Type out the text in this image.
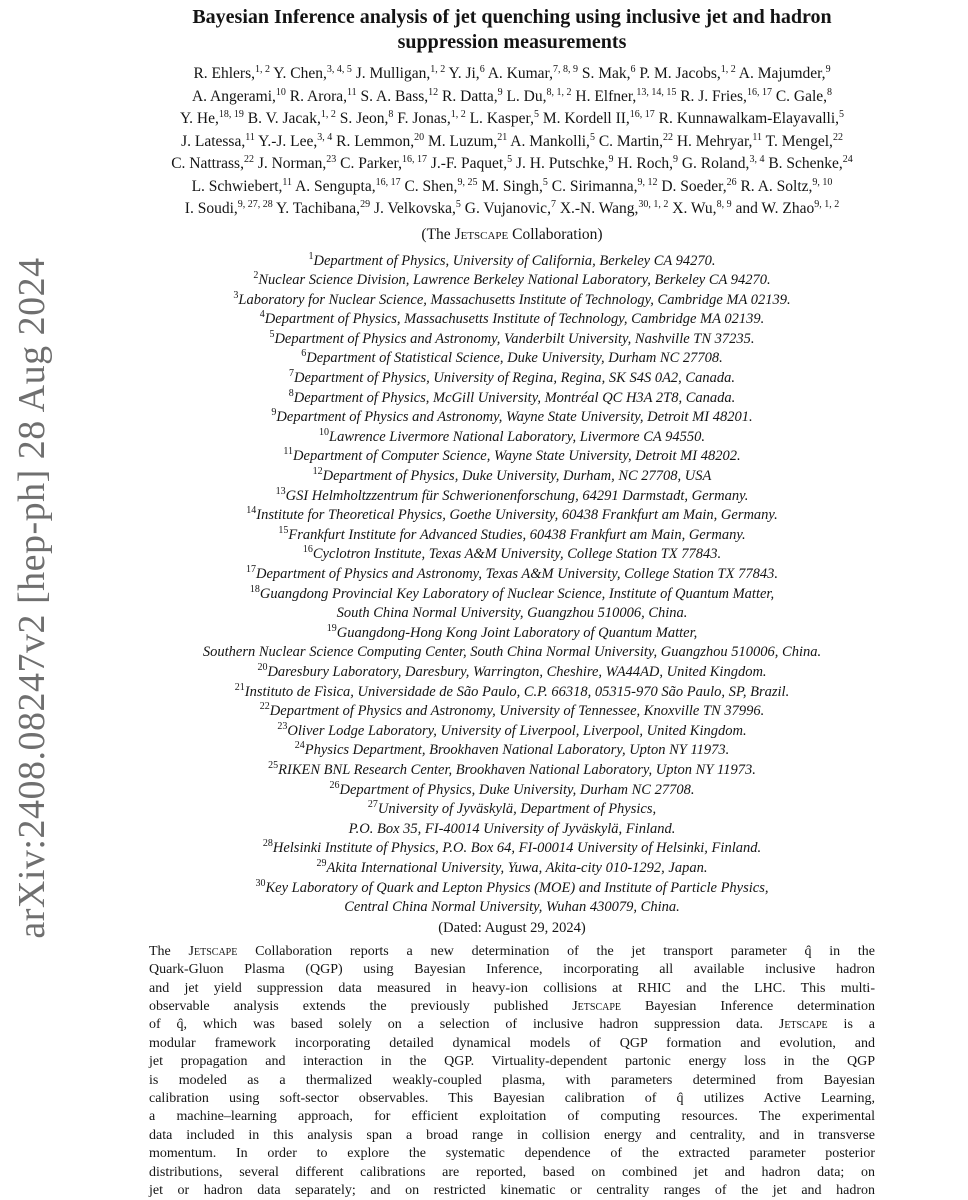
arXiv:2408.08247v2 [hep-ph] 28 Aug 2024
Bayesian Inference analysis of jet quenching using inclusive jet and hadron
suppression measurements
R. Ehlers,$^{1, 2}$ Y. Chen,$^{3, 4, 5}$ J. Mulligan,$^{1, 2}$ Y. Ji,$^6$ A. Kumar,$^{7, 8, 9}$ S. Mak,$^6$ P. M. Jacobs,$^{1, 2}$ A. Majumder,$^9$
A. Angerami,$^{10}$ R. Arora,$^{11}$ S. A. Bass,$^{12}$ R. Datta,$^9$ L. Du,$^{8, 1, 2}$ H. Elfner,$^{13, 14, 15}$ R. J. Fries,$^{16, 17}$ C. Gale,$^8$
Y. He,$^{18, 19}$ B. V. Jacak,$^{1, 2}$ S. Jeon,$^8$ F. Jonas,$^{1, 2}$ L. Kasper,$^5$ M. Kordell II,$^{16, 17}$ R. Kunnawalkam-Elayavalli,$^5$
J. Latessa,$^{11}$ Y.-J. Lee,$^{3, 4}$ R. Lemmon,$^{20}$ M. Luzum,$^{21}$ A. Mankolli,$^5$ C. Martin,$^{22}$ H. Mehryar,$^{11}$ T. Mengel,$^{22}$
C. Nattrass,$^{22}$ J. Norman,$^{23}$ C. Parker,$^{16, 17}$ J.-F. Paquet,$^5$ J. H. Putschke,$^9$ H. Roch,$^9$ G. Roland,$^{3, 4}$ B. Schenke,$^{24}$
L. Schwiebert,$^{11}$ A. Sengupta,$^{16, 17}$ C. Shen,$^{9, 25}$ M. Singh,$^5$ C. Sirimanna,$^{9, 12}$ D. Soeder,$^{26}$ R. A. Soltz,$^{9, 10}$
I. Soudi,$^{9, 27, 28}$ Y. Tachibana,$^{29}$ J. Velkovska,$^5$ G. Vujanovic,$^7$ X.-N. Wang,$^{30, 1, 2}$ X. Wu,$^{8, 9}$ and W. Zhao$^{9, 1, 2}$
(The Jetscape Collaboration)
$^1$Department of Physics, University of California, Berkeley CA 94270.
$^2$Nuclear Science Division, Lawrence Berkeley National Laboratory, Berkeley CA 94270.
$^3$Laboratory for Nuclear Science, Massachusetts Institute of Technology, Cambridge MA 02139.
$^4$Department of Physics, Massachusetts Institute of Technology, Cambridge MA 02139.
$^5$Department of Physics and Astronomy, Vanderbilt University, Nashville TN 37235.
$^6$Department of Statistical Science, Duke University, Durham NC 27708.
$^7$Department of Physics, University of Regina, Regina, SK S4S 0A2, Canada.
$^8$Department of Physics, McGill University, Montréal QC H3A 2T8, Canada.
$^9$Department of Physics and Astronomy, Wayne State University, Detroit MI 48201.
$^{10}$Lawrence Livermore National Laboratory, Livermore CA 94550.
$^{11}$Department of Computer Science, Wayne State University, Detroit MI 48202.
$^{12}$Department of Physics, Duke University, Durham, NC 27708, USA
$^{13}$GSI Helmholtzzentrum für Schwerionenforschung, 64291 Darmstadt, Germany.
$^{14}$Institute for Theoretical Physics, Goethe University, 60438 Frankfurt am Main, Germany.
$^{15}$Frankfurt Institute for Advanced Studies, 60438 Frankfurt am Main, Germany.
$^{16}$Cyclotron Institute, Texas A&M University, College Station TX 77843.
$^{17}$Department of Physics and Astronomy, Texas A&M University, College Station TX 77843.
$^{18}$Guangdong Provincial Key Laboratory of Nuclear Science, Institute of Quantum Matter,
South China Normal University, Guangzhou 510006, China.
$^{19}$Guangdong-Hong Kong Joint Laboratory of Quantum Matter,
Southern Nuclear Science Computing Center, South China Normal University, Guangzhou 510006, China.
$^{20}$Daresbury Laboratory, Daresbury, Warrington, Cheshire, WA44AD, United Kingdom.
$^{21}$Instituto de Fìsica, Universidade de São Paulo, C.P. 66318, 05315-970 São Paulo, SP, Brazil.
$^{22}$Department of Physics and Astronomy, University of Tennessee, Knoxville TN 37996.
$^{23}$Oliver Lodge Laboratory, University of Liverpool, Liverpool, United Kingdom.
$^{24}$Physics Department, Brookhaven National Laboratory, Upton NY 11973.
$^{25}$RIKEN BNL Research Center, Brookhaven National Laboratory, Upton NY 11973.
$^{26}$Department of Physics, Duke University, Durham NC 27708.
$^{27}$University of Jyväskylä, Department of Physics,
P.O. Box 35, FI-40014 University of Jyväskylä, Finland.
$^{28}$Helsinki Institute of Physics, P.O. Box 64, FI-00014 University of Helsinki, Finland.
$^{29}$Akita International University, Yuwa, Akita-city 010-1292, Japan.
$^{30}$Key Laboratory of Quark and Lepton Physics (MOE) and Institute of Particle Physics,
Central China Normal University, Wuhan 430079, China.
(Dated: August 29, 2024)
The Jetscape Collaboration reports a new determination of the jet transport parameter q̂ in the
Quark-Gluon Plasma (QGP) using Bayesian Inference, incorporating all available inclusive hadron
and jet yield suppression data measured in heavy-ion collisions at RHIC and the LHC. This multi-
observable analysis extends the previously published Jetscape Bayesian Inference determination
of q̂, which was based solely on a selection of inclusive hadron suppression data. Jetscape is a
modular framework incorporating detailed dynamical models of QGP formation and evolution, and
jet propagation and interaction in the QGP. Virtuality-dependent partonic energy loss in the QGP
is modeled as a thermalized weakly-coupled plasma, with parameters determined from Bayesian
calibration using soft-sector observables. This Bayesian calibration of q̂ utilizes Active Learning,
a machine–learning approach, for efficient exploitation of computing resources. The experimental
data included in this analysis span a broad range in collision energy and centrality, and in transverse
momentum. In order to explore the systematic dependence of the extracted parameter posterior
distributions, several different calibrations are reported, based on combined jet and hadron data; on
jet or hadron data separately; and on restricted kinematic or centrality ranges of the jet and hadron
